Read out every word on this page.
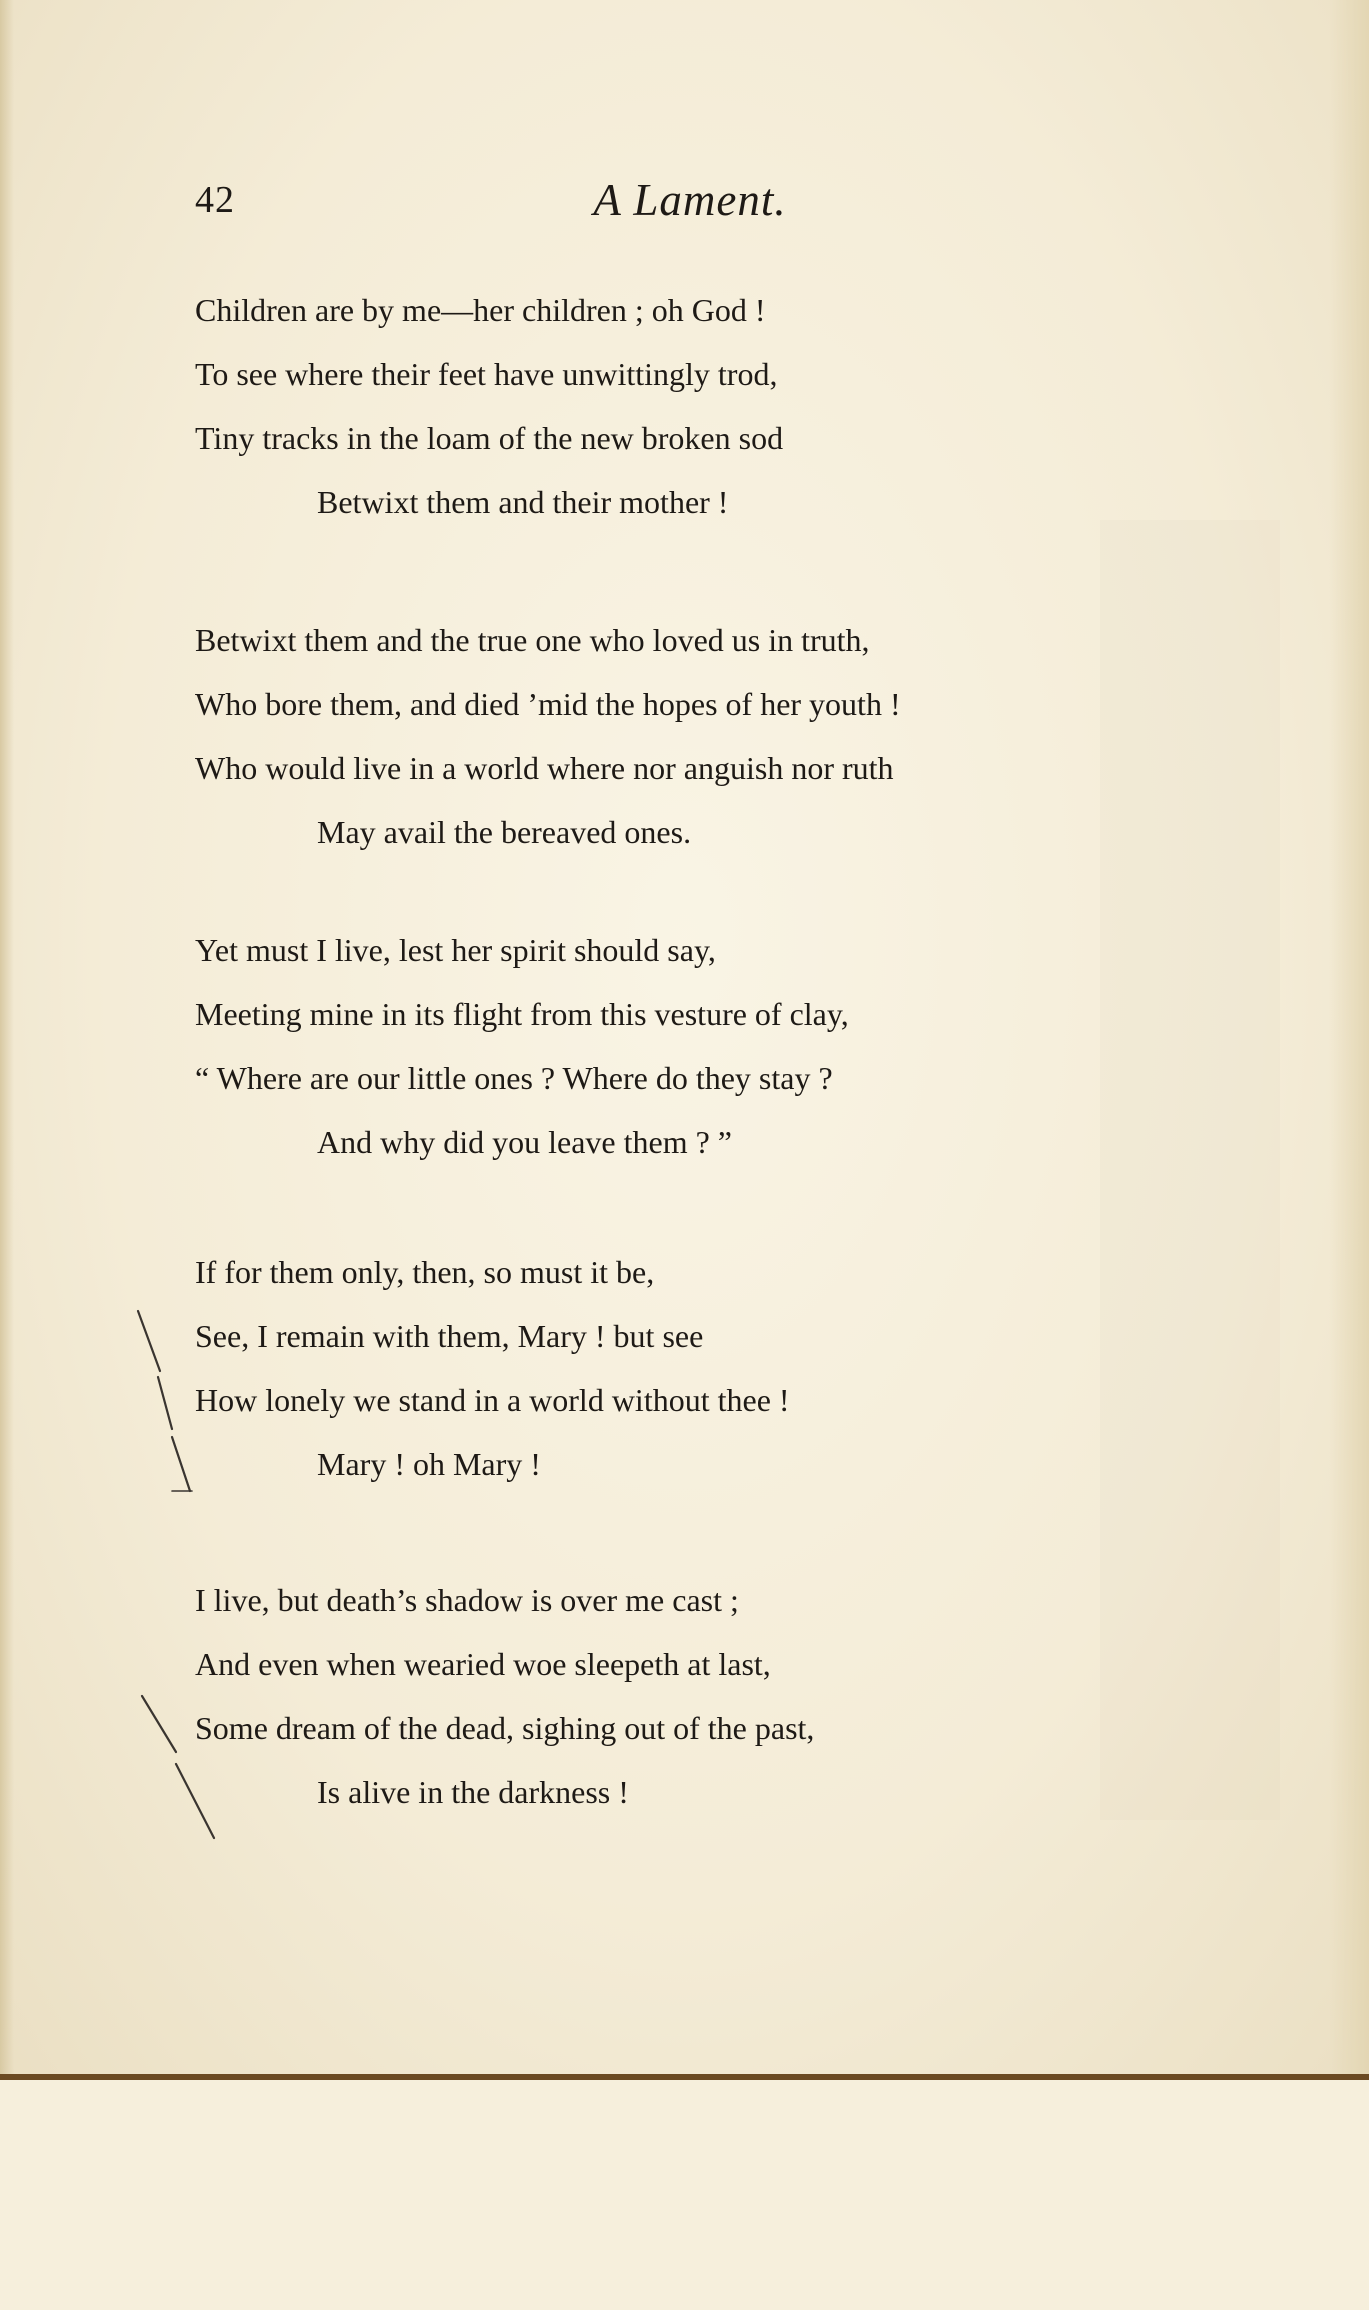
42	A Lament.
Children are by me—her children ; oh God !
To see where their feet have unwittingly trod,
Tiny tracks in the loam of the new broken sod
Betwixt them and their mother !
Betwixt them and the true one who loved us in truth,
Who bore them, and died ’mid the hopes of her youth !
Who would live in a world where nor anguish nor ruth
May avail the bereaved ones.
Yet must I live, lest her spirit should say,
Meeting mine in its flight from this vesture of clay,
“ Where are our little ones ? Where do they stay ?
And why did you leave them ? ”
If for them only, then, so must it be,
See, I remain with them, Mary ! but see
How lonely we stand in a world without thee !
Mary ! oh Mary !
I live, but death’s shadow is over me cast ;
And even when wearied woe sleepeth at last,
Some dream of the dead, sighing out of the past,
Is alive in the darkness !
